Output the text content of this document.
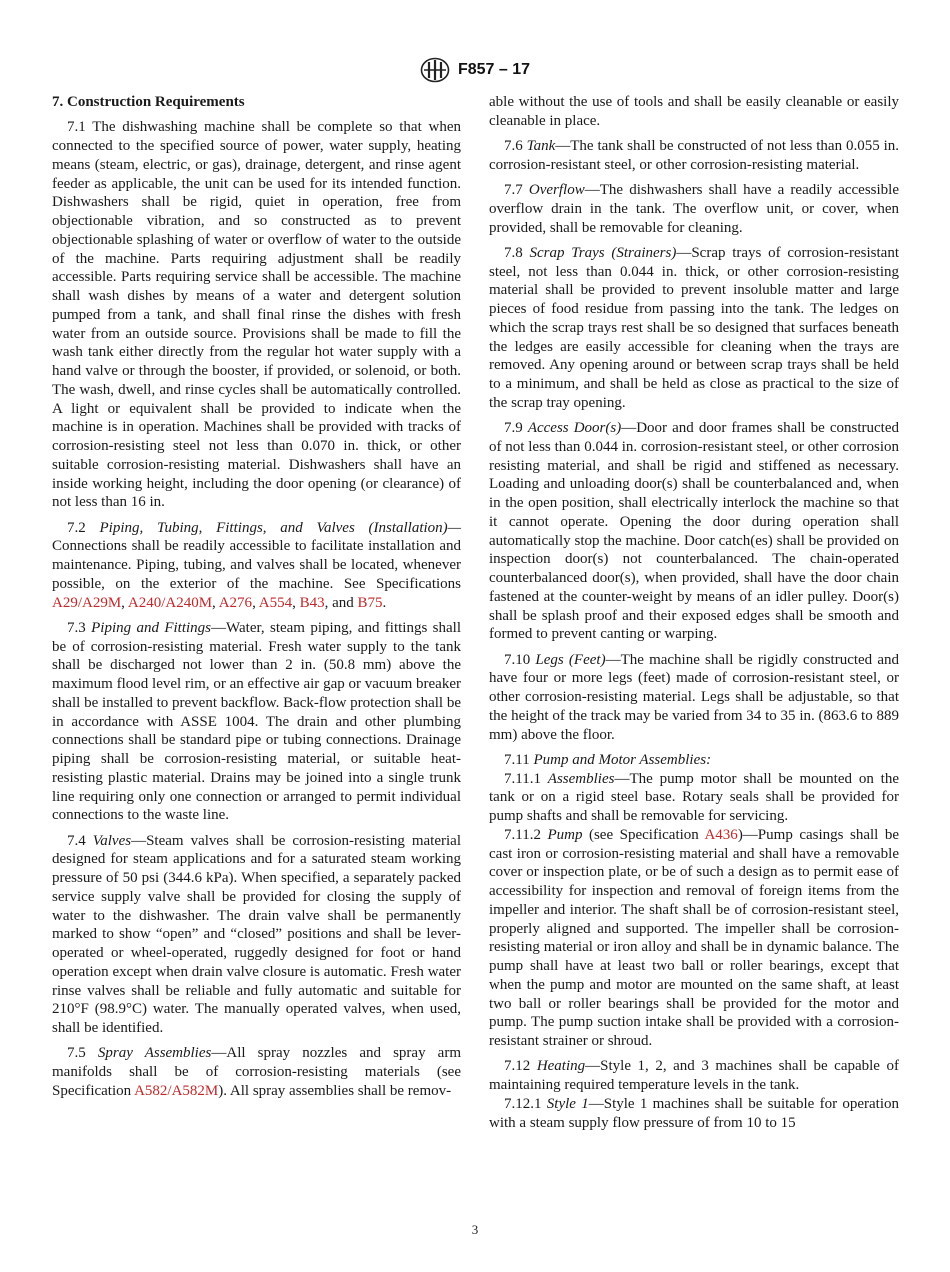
F857 – 17
7. Construction Requirements

7.1 The dishwashing machine shall be complete so that when connected to the specified source of power, water supply, heating means (steam, electric, or gas), drainage, detergent, and rinse agent feeder as applicable, the unit can be used for its intended function. Dishwashers shall be rigid, quiet in operation, free from objectionable vibration, and so constructed as to prevent objectionable splashing of water or overflow of water to the outside of the machine. Parts requiring adjustment shall be readily accessible. Parts requiring service shall be accessible. The machine shall wash dishes by means of a water and detergent solution pumped from a tank, and shall final rinse the dishes with fresh water from an outside source. Provisions shall be made to fill the wash tank either directly from the regular hot water supply with a hand valve or through the booster, if provided, or solenoid, or both. The wash, dwell, and rinse cycles shall be automatically controlled. A light or equivalent shall be provided to indicate when the machine is in operation. Machines shall be provided with tracks of corrosion-resisting steel not less than 0.070 in. thick, or other suitable corrosion-resisting material. Dishwashers shall have an inside working height, including the door opening (or clearance) of not less than 16 in.

7.2 Piping, Tubing, Fittings, and Valves (Installation)—Connections shall be readily accessible to facilitate installation and maintenance. Piping, tubing, and valves shall be located, whenever possible, on the exterior of the machine. See Specifications A29/A29M, A240/A240M, A276, A554, B43, and B75.

7.3 Piping and Fittings—Water, steam piping, and fittings shall be of corrosion-resisting material. Fresh water supply to the tank shall be discharged not lower than 2 in. (50.8 mm) above the maximum flood level rim, or an effective air gap or vacuum breaker shall be installed to prevent backflow. Back-flow protection shall be in accordance with ASSE 1004. The drain and other plumbing connections shall be standard pipe or tubing connections. Drainage piping shall be corrosion-resisting material, or suitable heat-resisting plastic material. Drains may be joined into a single trunk line requiring only one connection or arranged to permit individual connections to the waste line.

7.4 Valves—Steam valves shall be corrosion-resisting material designed for steam applications and for a saturated steam working pressure of 50 psi (344.6 kPa). When specified, a separately packed service supply valve shall be provided for closing the supply of water to the dishwasher. The drain valve shall be permanently marked to show “open” and “closed” positions and shall be lever-operated or wheel-operated, ruggedly designed for foot or hand operation except when drain valve closure is automatic. Fresh water rinse valves shall be reliable and fully automatic and suitable for 210°F (98.9°C) water. The manually operated valves, when used, shall be identified.

7.5 Spray Assemblies—All spray nozzles and spray arm manifolds shall be of corrosion-resisting materials (see Specification A582/A582M). All spray assemblies shall be remov-

able without the use of tools and shall be easily cleanable or easily cleanable in place.

7.6 Tank—The tank shall be constructed of not less than 0.055 in. corrosion-resistant steel, or other corrosion-resisting material.

7.7 Overflow—The dishwashers shall have a readily accessible overflow drain in the tank. The overflow unit, or cover, when provided, shall be removable for cleaning.

7.8 Scrap Trays (Strainers)—Scrap trays of corrosion-resistant steel, not less than 0.044 in. thick, or other corrosion-resisting material shall be provided to prevent insoluble matter and large pieces of food residue from passing into the tank. The ledges on which the scrap trays rest shall be so designed that surfaces beneath the ledges are easily accessible for cleaning when the trays are removed. Any opening around or between scrap trays shall be held to a minimum, and shall be held as close as practical to the size of the scrap tray opening.

7.9 Access Door(s)—Door and door frames shall be constructed of not less than 0.044 in. corrosion-resistant steel, or other corrosion resisting material, and shall be rigid and stiffened as necessary. Loading and unloading door(s) shall be counterbalanced and, when in the open position, shall electrically interlock the machine so that it cannot operate. Opening the door during operation shall automatically stop the machine. Door catch(es) shall be provided on inspection door(s) not counterbalanced. The chain-operated counterbalanced door(s), when provided, shall have the door chain fastened at the counter-weight by means of an idler pulley. Door(s) shall be splash proof and their exposed edges shall be smooth and formed to prevent canting or warping.

7.10 Legs (Feet)—The machine shall be rigidly constructed and have four or more legs (feet) made of corrosion-resistant steel, or other corrosion-resisting material. Legs shall be adjustable, so that the height of the track may be varied from 34 to 35 in. (863.6 to 889 mm) above the floor.

7.11 Pump and Motor Assemblies:

7.11.1 Assemblies—The pump motor shall be mounted on the tank or on a rigid steel base. Rotary seals shall be provided for pump shafts and shall be removable for servicing.

7.11.2 Pump (see Specification A436)—Pump casings shall be cast iron or corrosion-resisting material and shall have a removable cover or inspection plate, or be of such a design as to permit ease of accessibility for inspection and removal of foreign items from the impeller and interior. The shaft shall be of corrosion-resistant steel, properly aligned and supported. The impeller shall be corrosion-resisting material or iron alloy and shall be in dynamic balance. The pump shall have at least two ball or roller bearings, except that when the pump and motor are mounted on the same shaft, at least two ball or roller bearings shall be provided for the motor and pump. The pump suction intake shall be provided with a corrosion-resistant strainer or shroud.

7.12 Heating—Style 1, 2, and 3 machines shall be capable of maintaining required temperature levels in the tank.

7.12.1 Style 1—Style 1 machines shall be suitable for operation with a steam supply flow pressure of from 10 to 15

3
